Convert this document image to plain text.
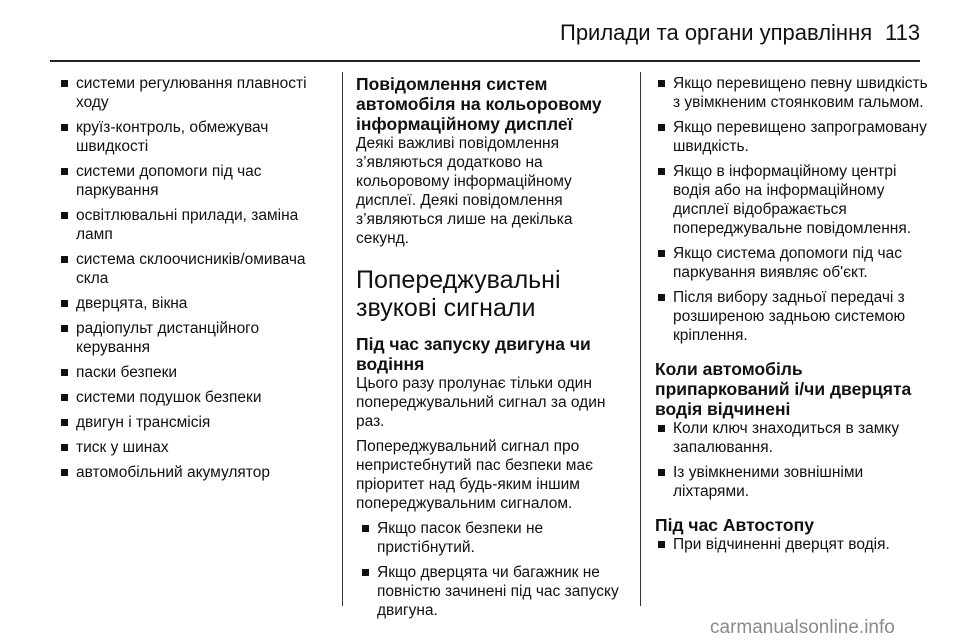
Прилади та органи управління 113
системи регулювання плавності ходу
круїз-контроль, обмежувач швидкості
системи допомоги під час паркування
освітлювальні прилади, заміна ламп
система склоочисників/омивача скла
дверцята, вікна
радіопульт дистанційного керування
паски безпеки
системи подушок безпеки
двигун і трансмісія
тиск у шинах
автомобільний акумулятор
Повідомлення систем автомобіля на кольоровому інформаційному дисплеї

Деякі важливі повідомлення з’являються додатково на кольоровому інформаційному дисплеї. Деякі повідомлення з’являються лише на декілька секунд.

Попереджувальні звукові сигнали
Під час запуску двигуна чи водіння

Цього разу пролунає тільки один попереджувальний сигнал за один раз.

Попереджувальний сигнал про непристебнутий пас безпеки має пріоритет над будь-яким іншим попереджувальним сигналом.

Якщо пасок безпеки не пристібнутий.
Якщо дверцята чи багажник не повністю зачинені під час запуску двигуна.
Якщо перевищено певну швидкість з увімкненим стоянковим гальмом.
Якщо перевищено запрограмовану швидкість.
Якщо в інформаційному центрі водія або на інформаційному дисплеї відображається попереджувальне повідомлення.
Якщо система допомоги під час паркування виявляє об'єкт.
Після вибору задньої передачі з розширеною задньою системою кріплення.
Коли автомобіль припаркований і/чи дверцята водія відчинені
Коли ключ знаходиться в замку запалювання.
Із увімкненими зовнішніми ліхтарями.
Під час Автостопу
При відчиненні дверцят водія.
carmanualsonline.info
